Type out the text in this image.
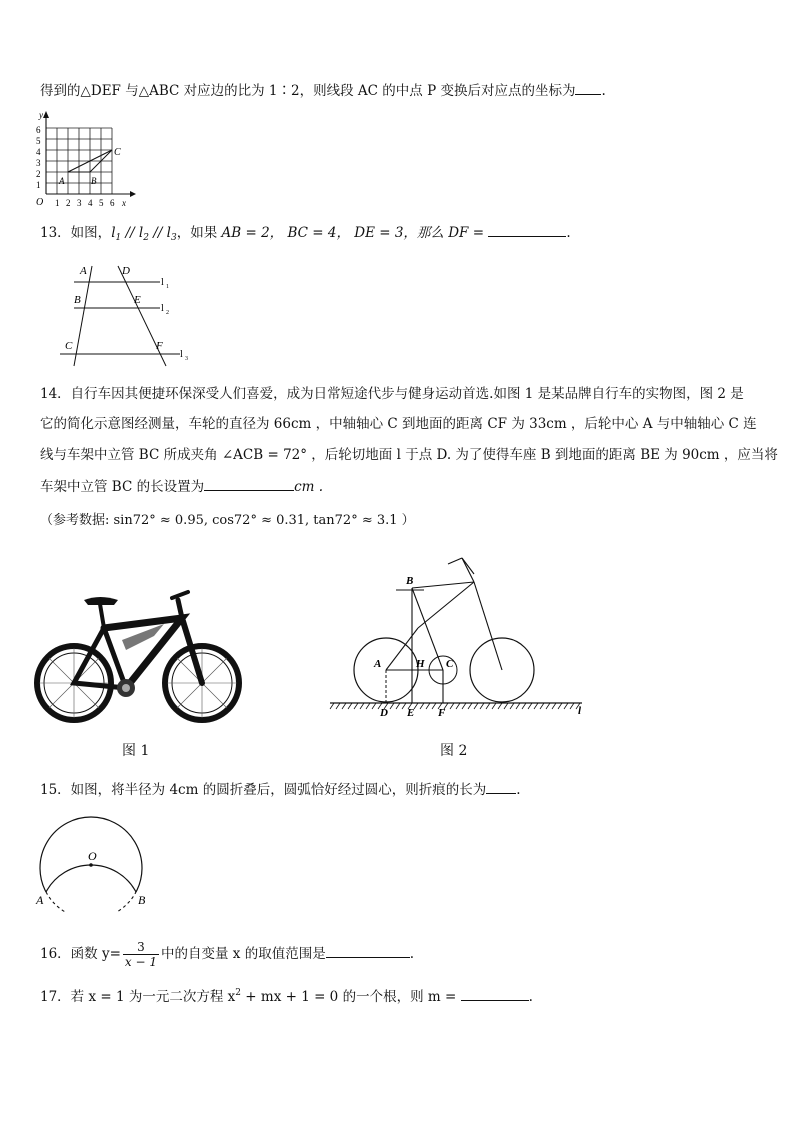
得到的△DEF 与△ABC 对应边的比为 1∶2，则线段 AC 的中点 P 变换后对应点的坐标为 .
y
6
5
4
3
2
1
O 1 2 3 4 5 6 x
A	B
C
13．如图，$l_1 // l_2 // l_3$，如果 AB = 2， BC = 4， DE = 3，那么 DF =	.
A	D
B	E
C	F
l 1
l 2
l 3
14．自行车因其便捷环保深受人们喜爱，成为日常短途代步与健身运动首选.如图 1 是某品牌自行车的实物图，图 2 是
它的简化示意图经测量，车轮的直径为 66cm ，中轴轴心 C 到地面的距离 CF 为 33cm ，后轮中心 A 与中轴轴心 C 连
线与车架中立管 BC 所成夹角 ∠ACB = 72° ，后轮切地面 l 于点 D. 为了使得车座 B 到地面的距离 BE 为 90cm ，应当将
车架中立管 BC 的长设置为	cm .
（参考数据: sin72° ≈ 0.95, cos72° ≈ 0.31, tan72° ≈ 3.1 ）
B
A	H C
D E F	l
图 1	图 2
15．如图，将半径为 4cm 的圆折叠后，圆弧恰好经过圆心，则折痕的长为 .
O
A	B
16．函数 $y= \frac{3}{x - 1}$ 中的自变量 x 的取值范围是	.
17．若 x = 1 为一元二次方程 $x^2$ + mx + 1 = 0 的一个根，则 m =	.
